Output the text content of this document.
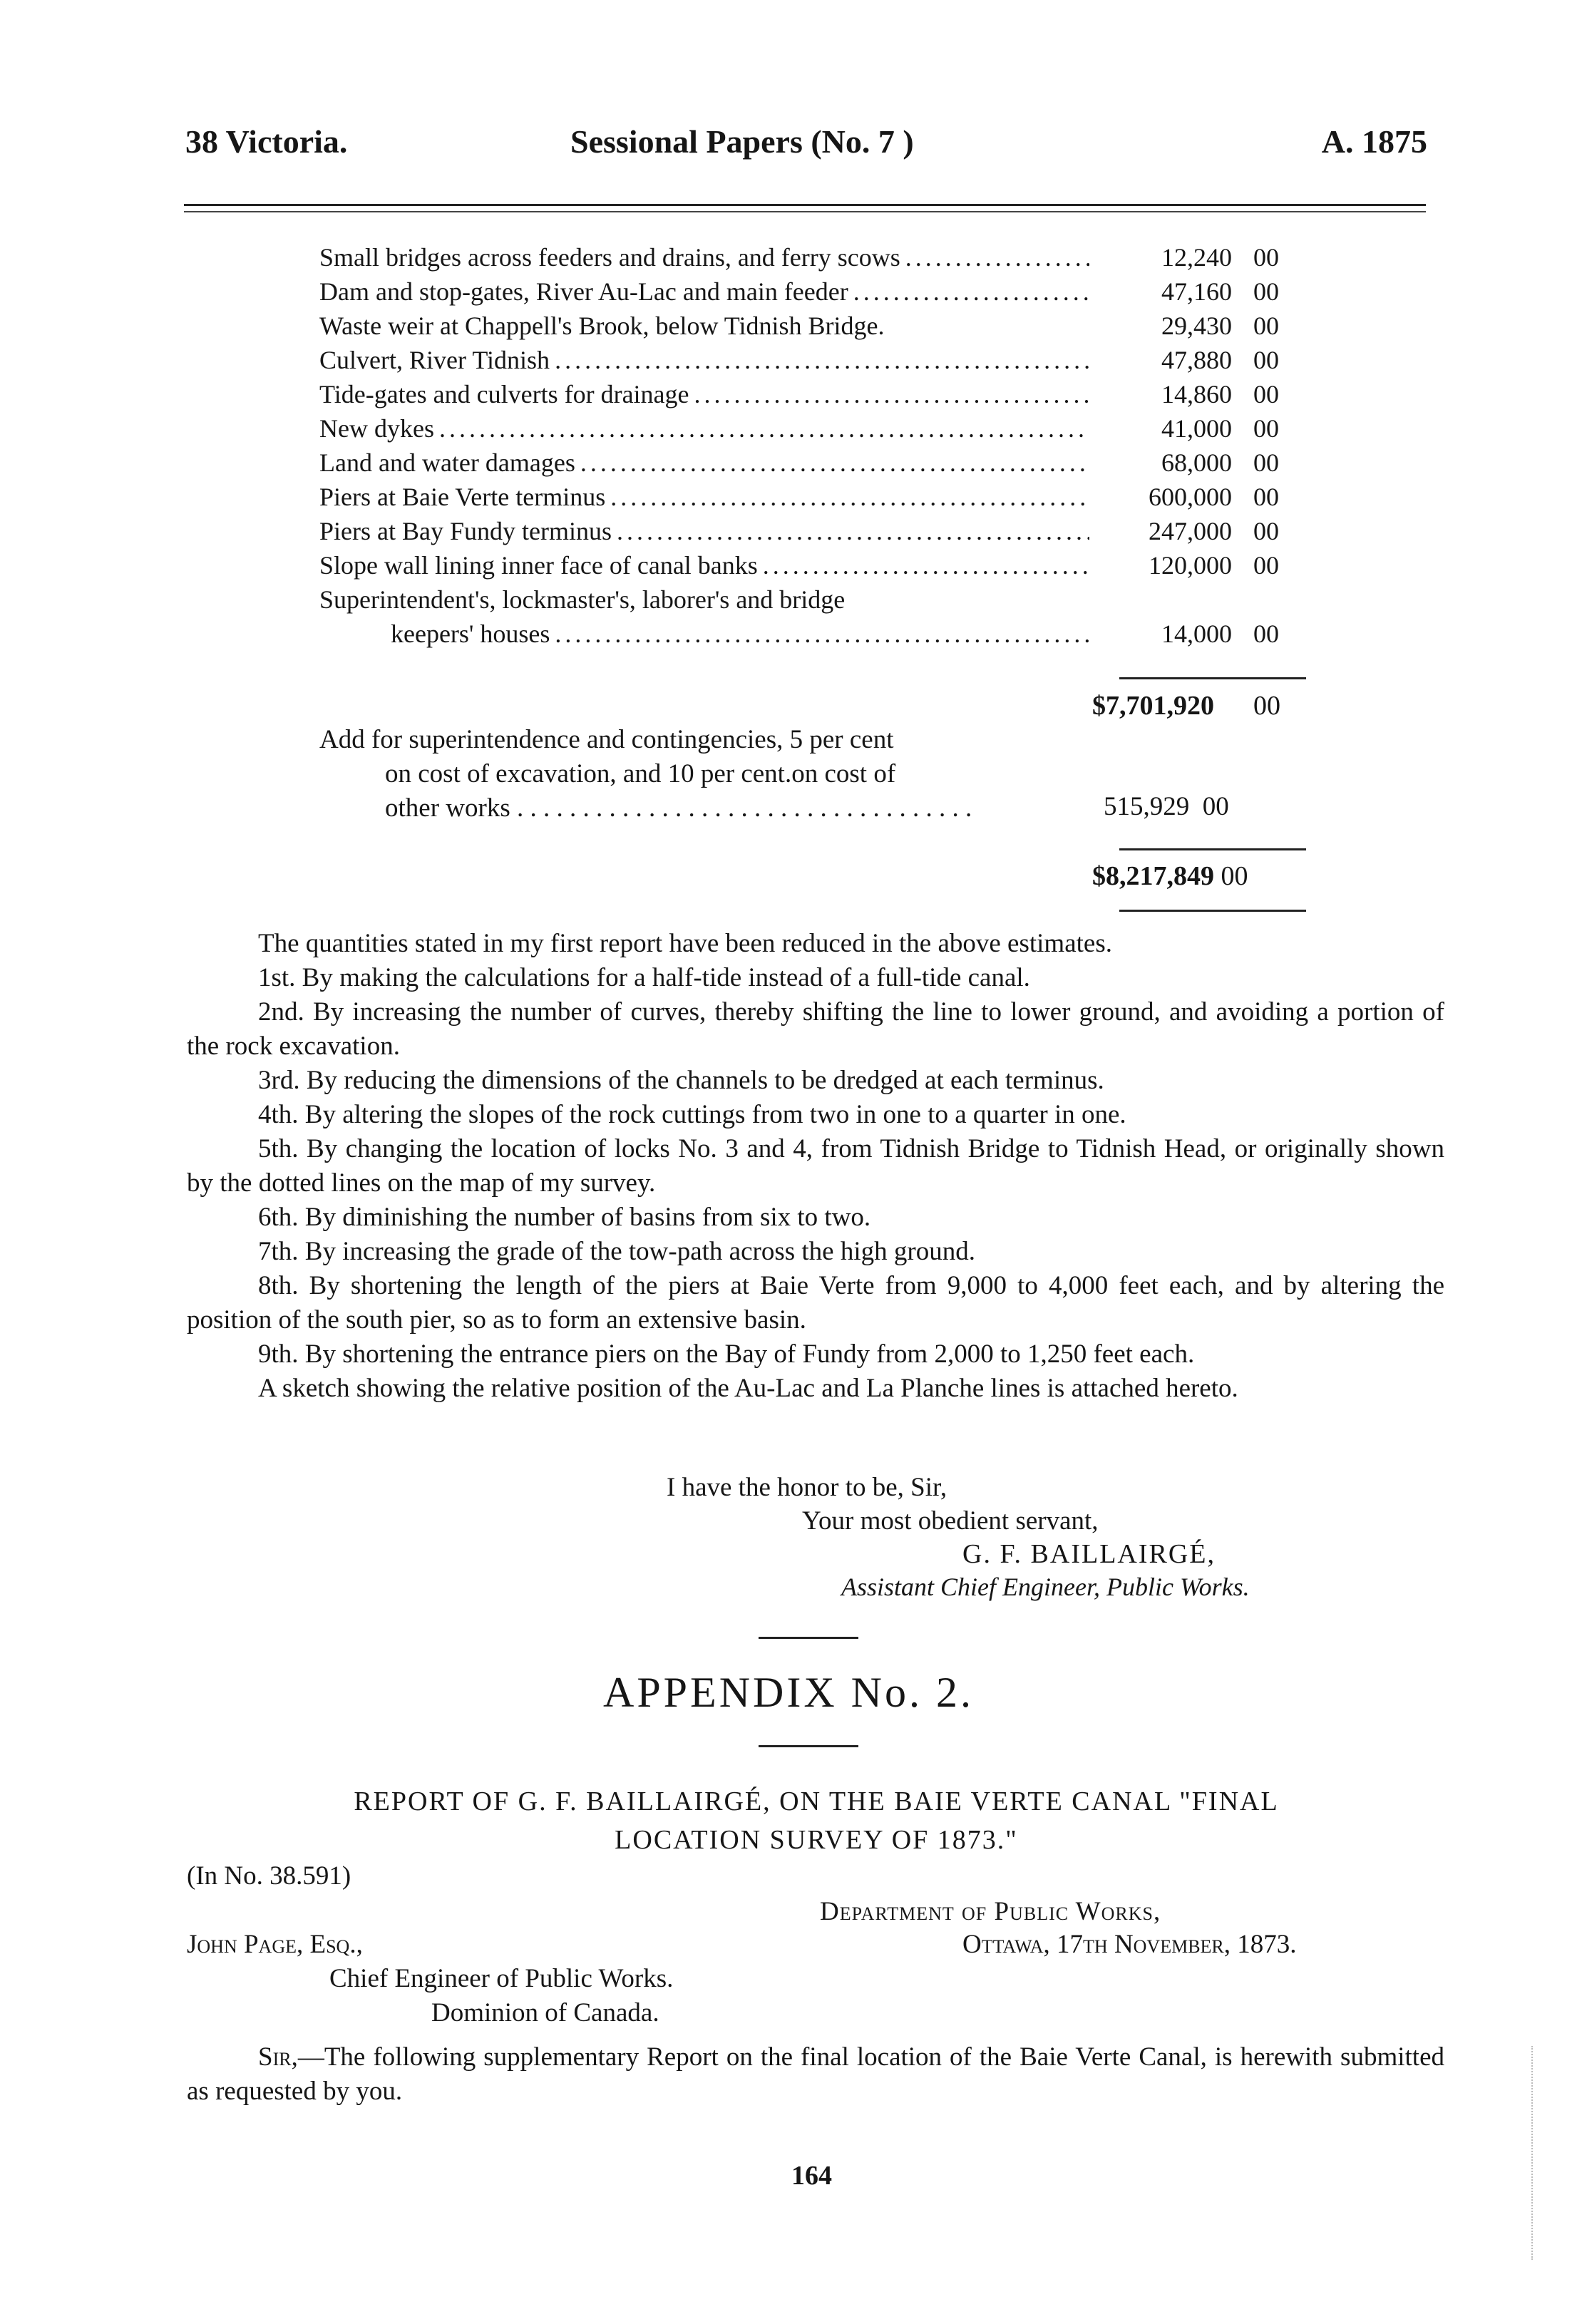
38 Victoria.	Sessional Papers (No. 7 )	A. 1875
Small bridges across feeders and drains, and ferry scows . . .	12,240 00
Dam and stop-gates, River Au-Lac and main feeder . . .	47,160 00
Waste weir at Chappell's Brook, below Tidnish Bridge.	29,430 00
Culvert, River Tidnish . . .	47,880 00
Tide-gates and culverts for drainage . . .	14,860 00
New dykes . . .	41,000 00
Land and water damages . . .	68,000 00
Piers at Baie Verte terminus . . .	600,000 00
Piers at Bay Fundy terminus . . .	247,000 00
Slope wall lining inner face of canal banks . . .	120,000 00
Superintendent's, lockmaster's, laborer's and bridge
keepers' houses . . .	14,000 00
$7,701,920 00
Add for superintendence and contingencies, 5 per cent
on cost of excavation, and 10 per cent.on cost of
other works . . . . . . . . . . . . . . . . . . . . . . . . . . . . . . . . . . .	515,929 00
$8,217,849 00

The quantities stated in my first report have been reduced in the above estimates.

1st. By making the calculations for a half-tide instead of a full-tide canal.

2nd. By increasing the number of curves, thereby shifting the line to lower ground, and avoiding a portion of the rock excavation.

3rd. By reducing the dimensions of the channels to be dredged at each terminus.

4th. By altering the slopes of the rock cuttings from two in one to a quarter in one.

5th. By changing the location of locks No. 3 and 4, from Tidnish Bridge to Tidnish Head, or originally shown by the dotted lines on the map of my survey.

6th. By diminishing the number of basins from six to two.

7th. By increasing the grade of the tow-path across the high ground.

8th. By shortening the length of the piers at Baie Verte from 9,000 to 4,000 feet each, and by altering the position of the south pier, so as to form an extensive basin.

9th. By shortening the entrance piers on the Bay of Fundy from 2,000 to 1,250 feet each.

A sketch showing the relative position of the Au-Lac and La Planche lines is attached hereto.

I have the honor to be, Sir,
Your most obedient servant,
G. F. BAILLAIRGÉ,
Assistant Chief Engineer, Public Works.
APPENDIX No. 2.
REPORT OF G. F. BAILLAIRGÉ, ON THE BAIE VERTE CANAL "FINAL
LOCATION SURVEY OF 1873."
(In No. 38.591)
Department of Public Works,
John Page, Esq.,	Ottawa, 17th November, 1873.
Chief Engineer of Public Works.
Dominion of Canada.

Sir,—The following supplementary Report on the final location of the Baie Verte Canal, is herewith submitted as requested by you.

164
